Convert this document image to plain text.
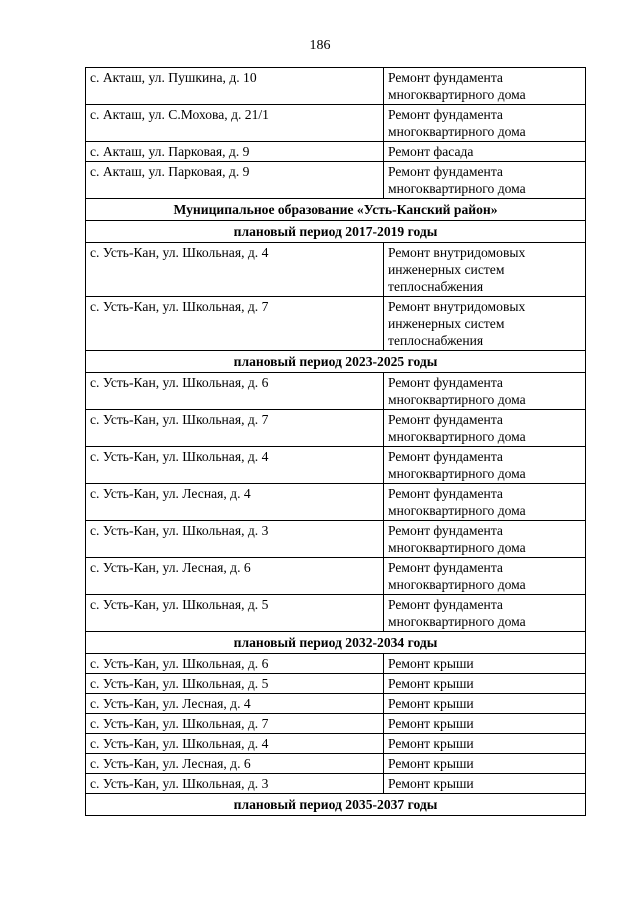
186
с. Акташ, ул. Пушкина, д. 10	Ремонт фундамента многоквартирного дома
с. Акташ, ул. С.Мохова, д. 21/1	Ремонт фундамента многоквартирного дома
с. Акташ, ул. Парковая, д. 9	Ремонт фасада
с. Акташ, ул. Парковая, д. 9	Ремонт фундамента многоквартирного дома
Муниципальное образование «Усть-Канский район»	
плановый период 2017-2019 годы	
с. Усть-Кан, ул. Школьная, д. 4	Ремонт внутридомовых инженерных систем теплоснабжения
с. Усть-Кан, ул. Школьная, д. 7	Ремонт внутридомовых инженерных систем теплоснабжения
плановый период 2023-2025 годы	
с. Усть-Кан, ул. Школьная, д. 6	Ремонт фундамента многоквартирного дома
с. Усть-Кан, ул. Школьная, д. 7	Ремонт фундамента многоквартирного дома
с. Усть-Кан, ул. Школьная, д. 4	Ремонт фундамента многоквартирного дома
с. Усть-Кан, ул. Лесная, д. 4	Ремонт фундамента многоквартирного дома
с. Усть-Кан, ул. Школьная, д. 3	Ремонт фундамента многоквартирного дома
с. Усть-Кан, ул. Лесная, д. 6	Ремонт фундамента многоквартирного дома
с. Усть-Кан, ул. Школьная, д. 5	Ремонт фундамента многоквартирного дома
плановый период 2032-2034 годы	
с. Усть-Кан, ул. Школьная, д. 6	Ремонт крыши
с. Усть-Кан, ул. Школьная, д. 5	Ремонт крыши
с. Усть-Кан, ул. Лесная, д. 4	Ремонт крыши
с. Усть-Кан, ул. Школьная, д. 7	Ремонт крыши
с. Усть-Кан, ул. Школьная, д. 4	Ремонт крыши
с. Усть-Кан, ул. Лесная, д. 6	Ремонт крыши
с. Усть-Кан, ул. Школьная, д. 3	Ремонт крыши
плановый период 2035-2037 годы	
